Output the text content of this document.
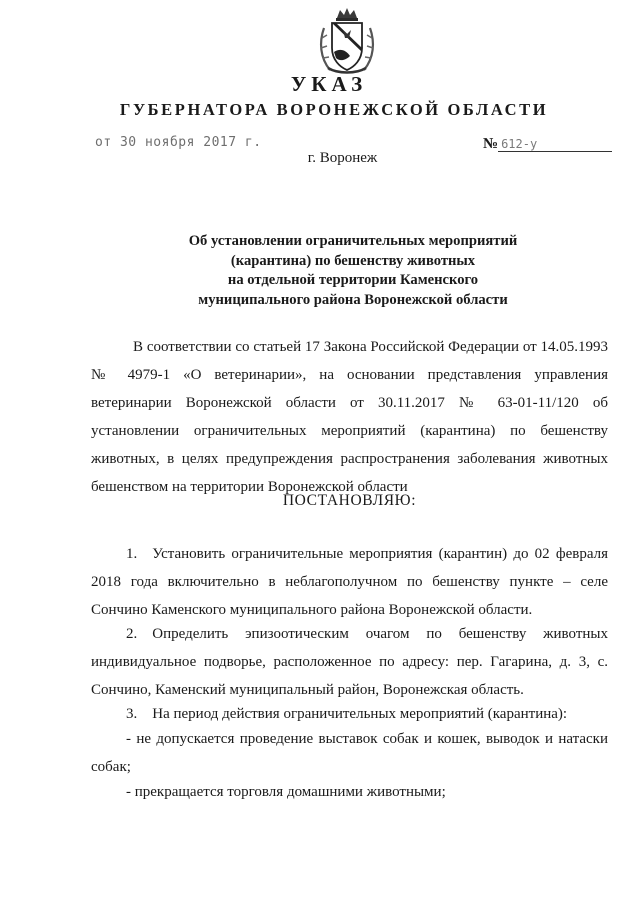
УКАЗ
ГУБЕРНАТОРА ВОРОНЕЖСКОЙ ОБЛАСТИ
от 30 ноября 2017 г.	№ 612-у
г. Воронеж
Об установлении ограничительных мероприятий
(карантина) по бешенству животных
на отдельной территории Каменского
муниципального района Воронежской области
В соответствии со статьей 17 Закона Российской Федерации от 14.05.1993 № 4979-1 «О ветеринарии», на основании представления управления ветеринарии Воронежской области от 30.11.2017 № 63-01-11/120 об установлении ограничительных мероприятий (карантина) по бешенству животных, в целях предупреждения распространения заболевания животных бешенством на территории Воронежской области
ПОСТАНОВЛЯЮ:
1. Установить ограничительные мероприятия (карантин) до 02 февраля 2018 года включительно в неблагополучном по бешенству пункте – селе Сончино Каменского муниципального района Воронежской области.
2. Определить эпизоотическим очагом по бешенству животных индивидуальное подворье, расположенное по адресу: пер. Гагарина, д. 3, с. Сончино, Каменский муниципальный район, Воронежская область.
3. На период действия ограничительных мероприятий (карантина):
- не допускается проведение выставок собак и кошек, выводок и натаски собак;
- прекращается торговля домашними животными;
